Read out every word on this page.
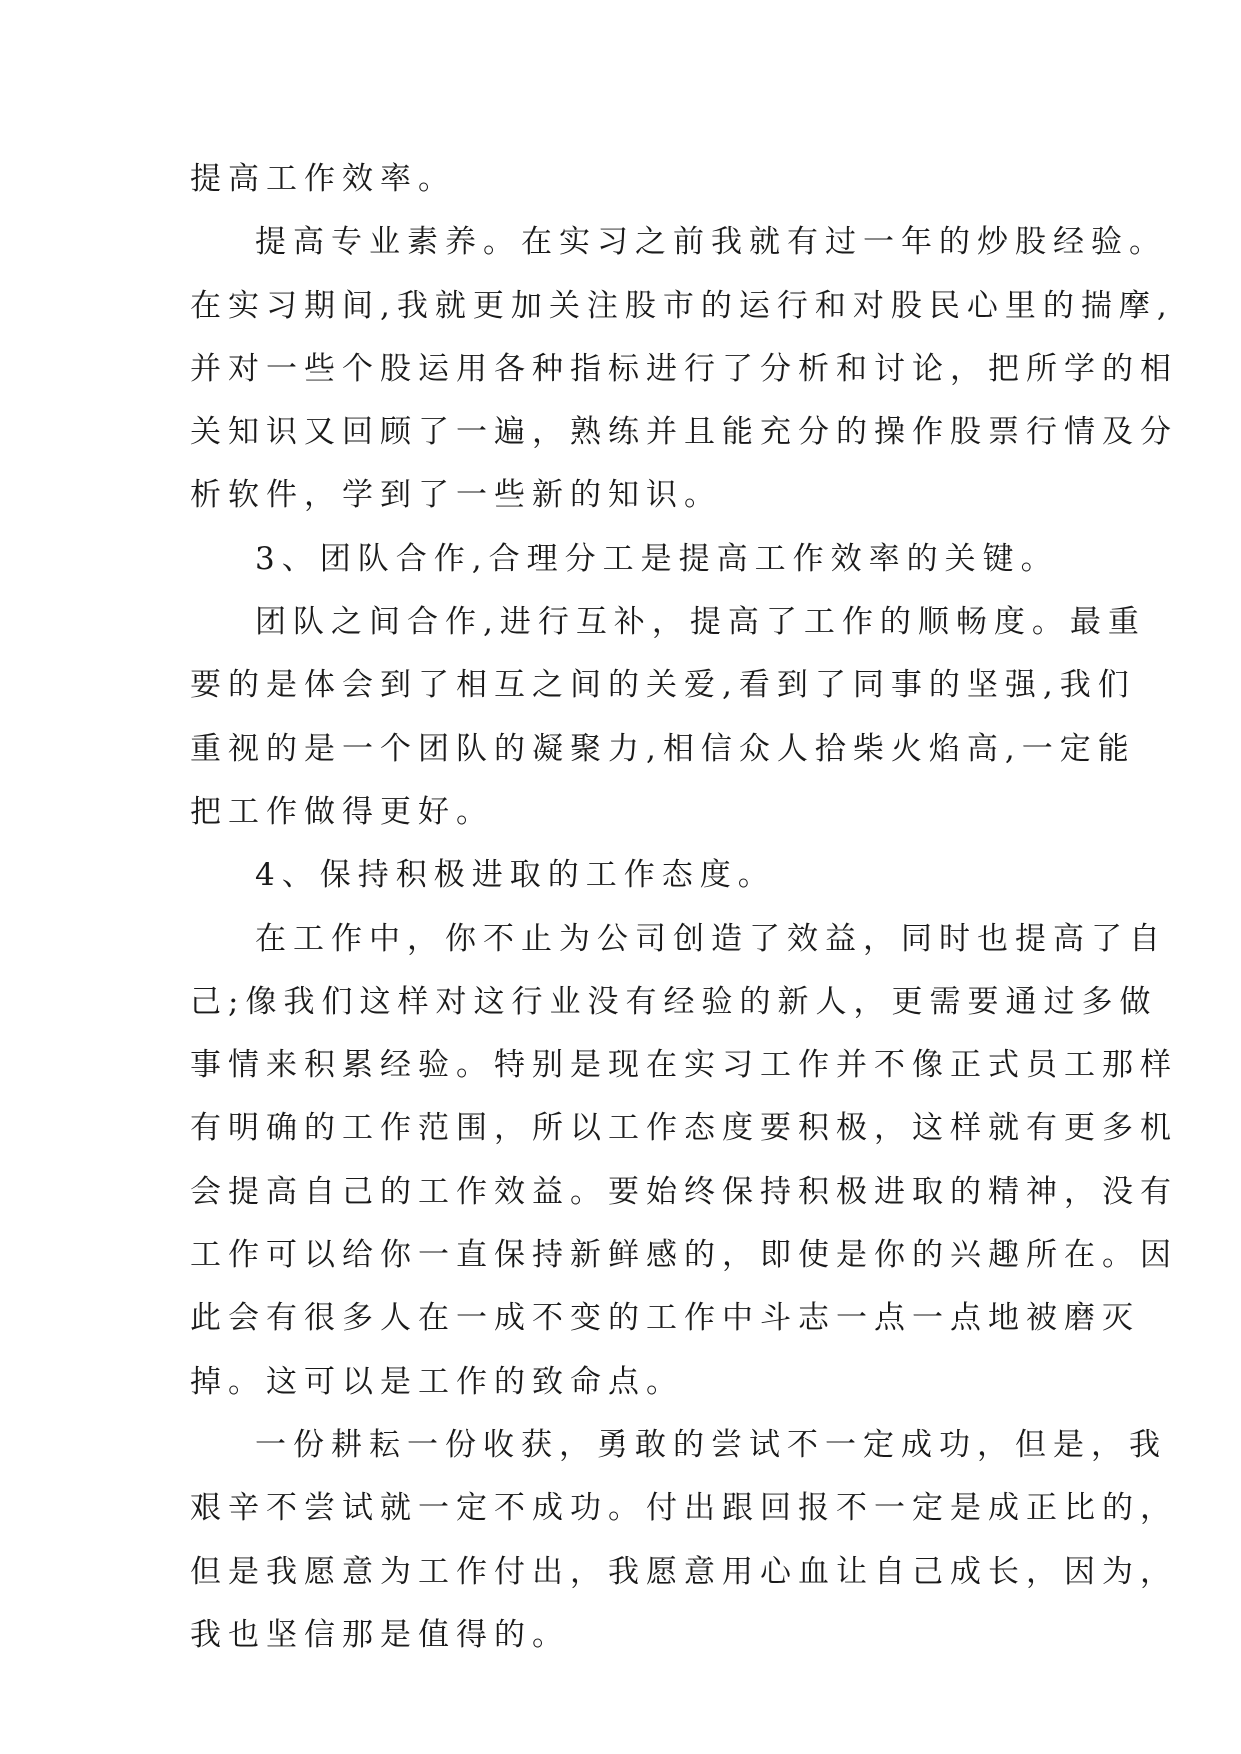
提高工作效率。
提高专业素养。在实习之前我就有过一年的炒股经验。
在实习期间,我就更加关注股市的运行和对股民心里的揣摩,
并对一些个股运用各种指标进行了分析和讨论，把所学的相
关知识又回顾了一遍，熟练并且能充分的操作股票行情及分
析软件，学到了一些新的知识。
3、团队合作,合理分工是提高工作效率的关键。
团队之间合作,进行互补，提高了工作的顺畅度。最重
要的是体会到了相互之间的关爱,看到了同事的坚强,我们
重视的是一个团队的凝聚力,相信众人拾柴火焰高,一定能
把工作做得更好。
4、保持积极进取的工作态度。
在工作中，你不止为公司创造了效益，同时也提高了自
己;像我们这样对这行业没有经验的新人，更需要通过多做
事情来积累经验。特别是现在实习工作并不像正式员工那样
有明确的工作范围，所以工作态度要积极，这样就有更多机
会提高自己的工作效益。要始终保持积极进取的精神，没有
工作可以给你一直保持新鲜感的，即使是你的兴趣所在。因
此会有很多人在一成不变的工作中斗志一点一点地被磨灭
掉。这可以是工作的致命点。
一份耕耘一份收获，勇敢的尝试不一定成功，但是，我
艰辛不尝试就一定不成功。付出跟回报不一定是成正比的，
但是我愿意为工作付出，我愿意用心血让自己成长，因为，
我也坚信那是值得的。
